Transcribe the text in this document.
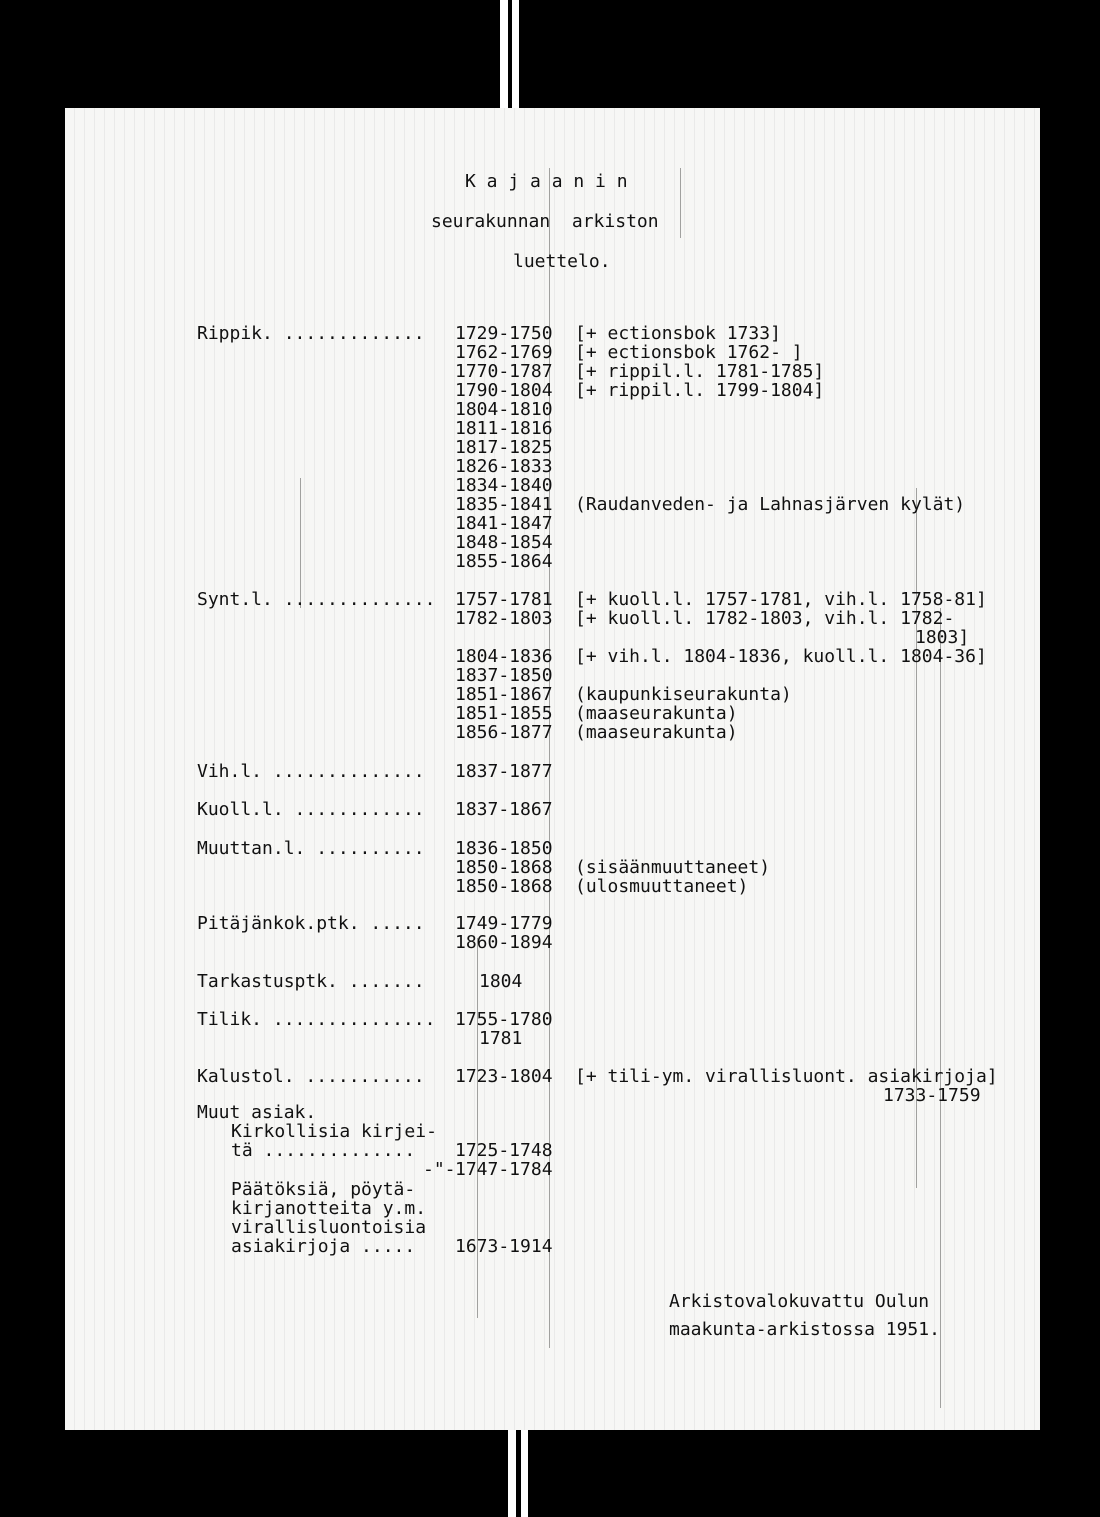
K a j a a n i n
seurakunnan  arkiston
luettelo.
Rippik. ............. 1729-1750
1762-1769
1770-1787
1790-1804
1804-1810
1811-1816
1817-1825
1826-1833
1834-1840
1835-1841
1841-1847
1848-1854
1855-1864
[+ ectionsbok 1733]
[+ ectionsbok 1762- ]
[+ rippil.l. 1781-1785]
[+ rippil.l. 1799-1804]
(Raudanveden- ja Lahnasjärven kylät)
Synt.l. .............. 1757-1781
1782-1803
1804-1836
1837-1850
1851-1867
1851-1855
1856-1877
[+ kuoll.l. 1757-1781, vih.l. 1758-81]
[+ kuoll.l. 1782-1803, vih.l. 1782-
1803]
[+ vih.l. 1804-1836, kuoll.l. 1804-36]
(kaupunkiseurakunta)
(maaseurakunta)
(maaseurakunta)
Vih.l. .............. 1837-1877
Kuoll.l. ............ 1837-1867
Muuttan.l. .......... 1836-1850
1850-1868
1850-1868
(sisäänmuuttaneet)
(ulosmuuttaneet)
Pitäjänkok.ptk. ..... 1749-1779
1860-1894
Tarkastusptk. .......	1804
Tilik. ............... 1755-1780
1781
Kalustol. ........... 1723-1804 [+ tili-ym. virallisluont. asiakirjoja]
1733-1759
Muut asiak.
Kirkollisia kirjei-
tä .............. 1725-1748
-"- 1747-1784
Päätöksiä, pöytä-
kirjanotteita y.m.
virallisluontoisia
asiakirjoja ..... 1673-1914
Arkistovalokuvattu Oulun
maakunta-arkistossa 1951.
